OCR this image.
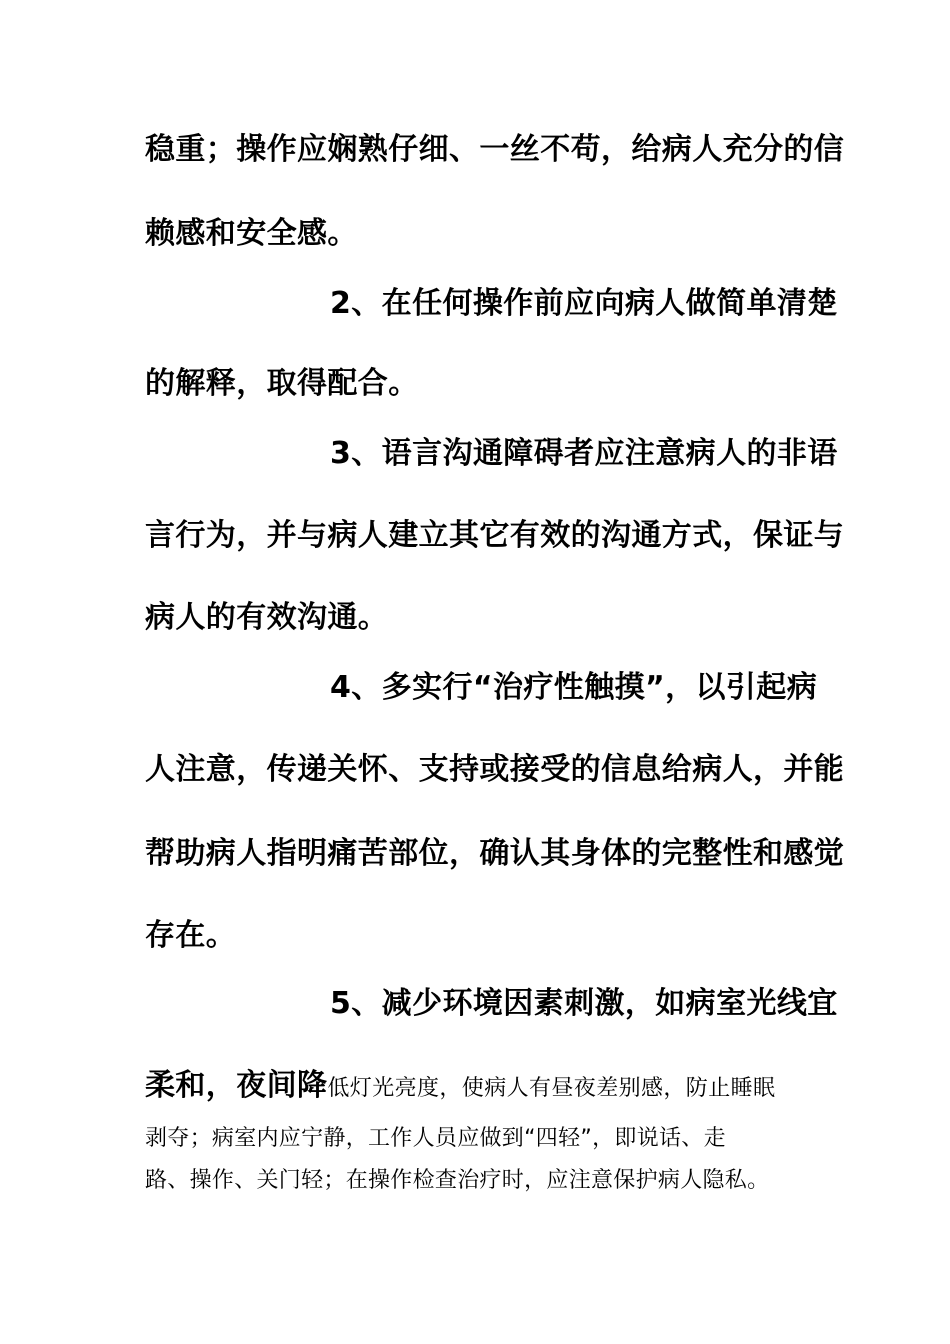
稳重；操作应娴熟仔细、一丝不苟，给病人充分的信
赖感和安全感。
2、在任何操作前应向病人做简单清楚
的解释，取得配合。
3、语言沟通障碍者应注意病人的非语
言行为，并与病人建立其它有效的沟通方式，保证与
病人的有效沟通。
4、多实行“治疗性触摸”，以引起病
人注意，传递关怀、支持或接受的信息给病人，并能
帮助病人指明痛苦部位，确认其身体的完整性和感觉
存在。
5、减少环境因素刺激，如病室光线宜
柔和，夜间降低灯光亮度，使病人有昼夜差别感，防止睡眠
剥夺；病室内应宁静，工作人员应做到“四轻”，即说话、走
路、操作、关门轻；在操作检查治疗时，应注意保护病人隐私。
